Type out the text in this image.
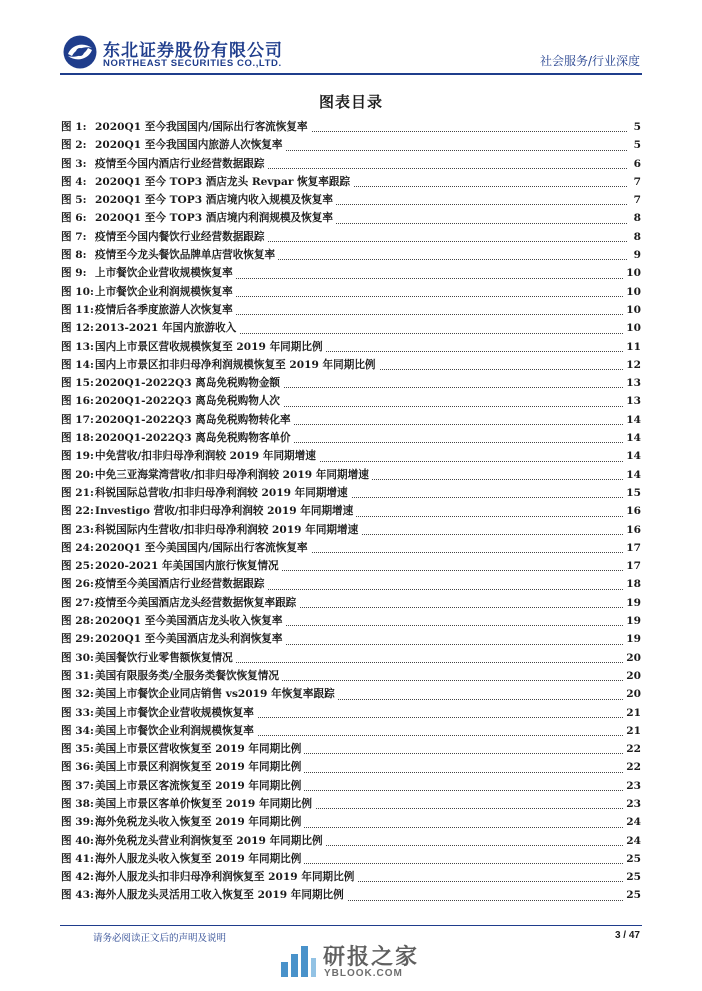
东北证券股份有限公司
NORTHEAST SECURITIES CO.,LTD.	社会服务/行业深度
图表目录
图 1: 2020Q1 至今我国国内/国际出行客流恢复率	5
图 2: 2020Q1 至今我国国内旅游人次恢复率	5
图 3: 疫情至今国内酒店行业经营数据跟踪	6
图 4: 2020Q1 至今 TOP3 酒店龙头 Revpar 恢复率跟踪	7
图 5: 2020Q1 至今 TOP3 酒店境内收入规模及恢复率	7
图 6: 2020Q1 至今 TOP3 酒店境内利润规模及恢复率	8
图 7: 疫情至今国内餐饮行业经营数据跟踪	8
图 8: 疫情至今龙头餐饮品牌单店营收恢复率	9
图 9: 上市餐饮企业营收规模恢复率	10
图 10: 上市餐饮企业利润规模恢复率	10
图 11: 疫情后各季度旅游人次恢复率	10
图 12: 2013-2021 年国内旅游收入	10
图 13: 国内上市景区营收规模恢复至 2019 年同期比例	11
图 14: 国内上市景区扣非归母净利润规模恢复至 2019 年同期比例	12
图 15: 2020Q1-2022Q3 离岛免税购物金额	13
图 16: 2020Q1-2022Q3 离岛免税购物人次	13
图 17: 2020Q1-2022Q3 离岛免税购物转化率	14
图 18: 2020Q1-2022Q3 离岛免税购物客单价	14
图 19: 中免营收/扣非归母净利润较 2019 年同期增速	14
图 20: 中免三亚海棠湾营收/扣非归母净利润较 2019 年同期增速	14
图 21: 科锐国际总营收/扣非归母净利润较 2019 年同期增速	15
图 22: Investigo 营收/扣非归母净利润较 2019 年同期增速	16
图 23: 科锐国际内生营收/扣非归母净利润较 2019 年同期增速	16
图 24: 2020Q1 至今美国国内/国际出行客流恢复率	17
图 25: 2020-2021 年美国国内旅行恢复情况	17
图 26: 疫情至今美国酒店行业经营数据跟踪	18
图 27: 疫情至今美国酒店龙头经营数据恢复率跟踪	19
图 28: 2020Q1 至今美国酒店龙头收入恢复率	19
图 29: 2020Q1 至今美国酒店龙头利润恢复率	19
图 30: 美国餐饮行业零售额恢复情况	20
图 31: 美国有限服务类/全服务类餐饮恢复情况	20
图 32: 美国上市餐饮企业同店销售 vs2019 年恢复率跟踪	20
图 33: 美国上市餐饮企业营收规模恢复率	21
图 34: 美国上市餐饮企业利润规模恢复率	21
图 35: 美国上市景区营收恢复至 2019 年同期比例	22
图 36: 美国上市景区利润恢复至 2019 年同期比例	22
图 37: 美国上市景区客流恢复至 2019 年同期比例	23
图 38: 美国上市景区客单价恢复至 2019 年同期比例	23
图 39: 海外免税龙头收入恢复至 2019 年同期比例	24
图 40: 海外免税龙头营业利润恢复至 2019 年同期比例	24
图 41: 海外人服龙头收入恢复至 2019 年同期比例	25
图 42: 海外人服龙头扣非归母净利润恢复至 2019 年同期比例	25
图 43: 海外人服龙头灵活用工收入恢复至 2019 年同期比例	25
请务必阅读正文后的声明及说明	3 / 47
研报之家
YBLOOK.COM
